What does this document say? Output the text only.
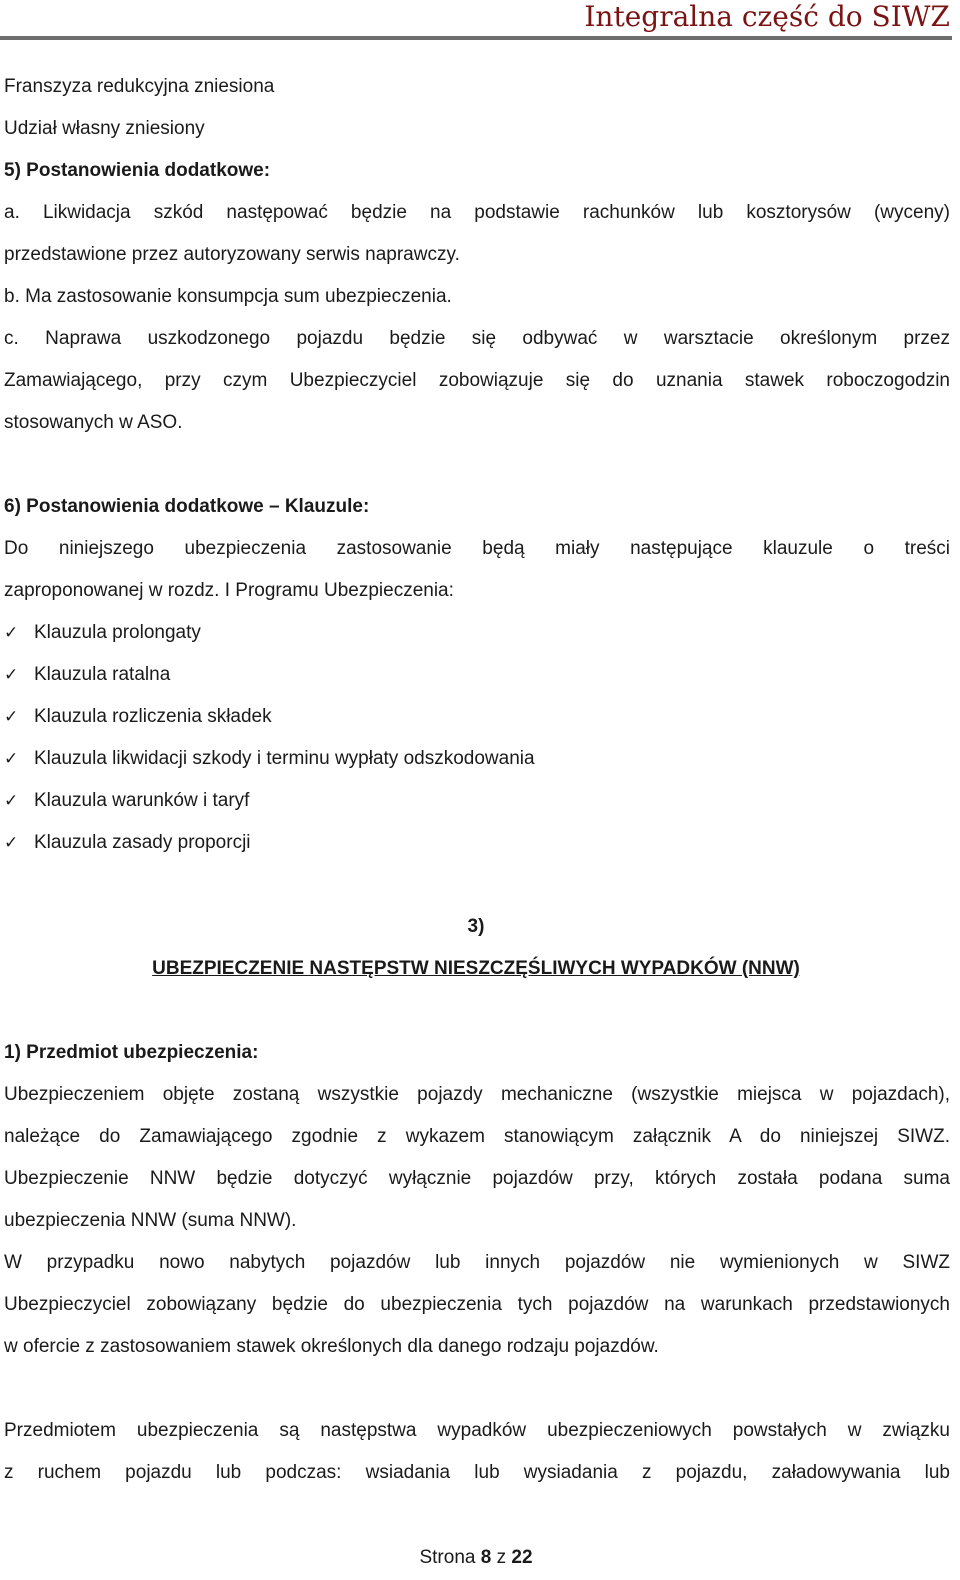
Integralna część do SIWZ
Franszyza redukcyjna zniesiona
Udział własny zniesiony
5) Postanowienia dodatkowe:
a. Likwidacja szkód następować będzie na podstawie rachunków lub kosztorysów (wyceny)
przedstawione przez autoryzowany serwis naprawczy.
b. Ma zastosowanie konsumpcja sum ubezpieczenia.
c. Naprawa uszkodzonego pojazdu będzie się odbywać w warsztacie określonym przez
Zamawiającego, przy czym Ubezpieczyciel zobowiązuje się do uznania stawek roboczogodzin
stosowanych w ASO.
6) Postanowienia dodatkowe – Klauzule:
Do niniejszego ubezpieczenia zastosowanie będą miały następujące klauzule o treści
zaproponowanej w rozdz. I Programu Ubezpieczenia:
✓ Klauzula prolongaty
✓ Klauzula ratalna
✓ Klauzula rozliczenia składek
✓ Klauzula likwidacji szkody i terminu wypłaty odszkodowania
✓ Klauzula warunków i taryf
✓ Klauzula zasady proporcji
3)
UBEZPIECZENIE NASTĘPSTW NIESZCZĘŚLIWYCH WYPADKÓW (NNW)
1) Przedmiot ubezpieczenia:
Ubezpieczeniem objęte zostaną wszystkie pojazdy mechaniczne (wszystkie miejsca w pojazdach),
należące do Zamawiającego zgodnie z wykazem stanowiącym załącznik A do niniejszej SIWZ.
Ubezpieczenie NNW będzie dotyczyć wyłącznie pojazdów przy, których została podana suma
ubezpieczenia NNW (suma NNW).
W przypadku nowo nabytych pojazdów lub innych pojazdów nie wymienionych w SIWZ
Ubezpieczyciel zobowiązany będzie do ubezpieczenia tych pojazdów na warunkach przedstawionych
w ofercie z zastosowaniem stawek określonych dla danego rodzaju pojazdów.
Przedmiotem ubezpieczenia są następstwa wypadków ubezpieczeniowych powstałych w związku
z ruchem pojazdu lub podczas: wsiadania lub wysiadania z pojazdu, załadowywania lub
Strona 8 z 22
